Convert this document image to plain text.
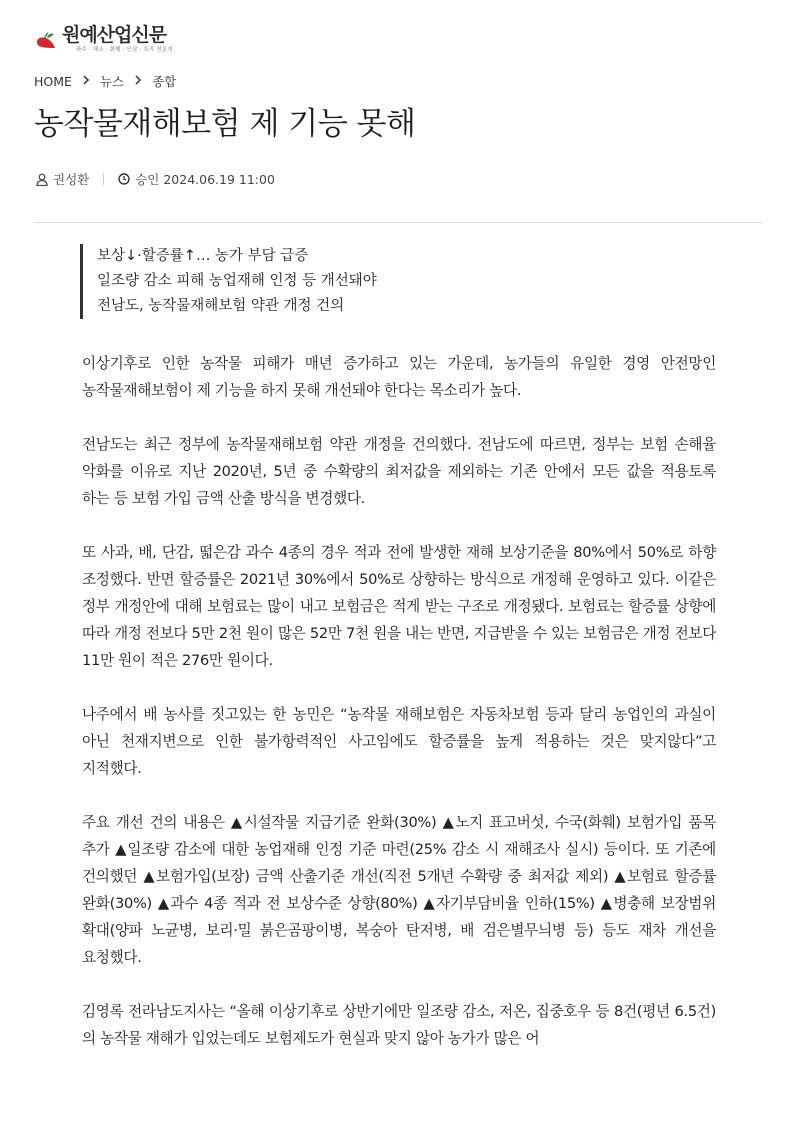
원예산업신문
과수 · 채소 · 화훼 · 인삼 · 특작 전문지
HOME 뉴스 종합
농작물재해보험 제 기능 못해
권성환	승인 2024.06.19 11:00
보상↓·할증률↑… 농가 부담 급증
일조량 감소 피해 농업재해 인정 등 개선돼야
전남도, 농작물재해보험 약관 개정 건의

이상기후로 인한 농작물 피해가 매년 증가하고 있는 가운데, 농가들의 유일한 경영 안전망인 농작물재해보험이 제 기능을 하지 못해 개선돼야 한다는 목소리가 높다.

전남도는 최근 정부에 농작물재해보험 약관 개정을 건의했다. 전남도에 따르면, 정부는 보험 손해율 악화를 이유로 지난 2020년, 5년 중 수확량의 최저값을 제외하는 기존 안에서 모든 값을 적용토록 하는 등 보험 가입 금액 산출 방식을 변경했다.

또 사과, 배, 단감, 떫은감 과수 4종의 경우 적과 전에 발생한 재해 보상기준을 80%에서 50%로 하향 조정했다. 반면 할증률은 2021년 30%에서 50%로 상향하는 방식으로 개정해 운영하고 있다. 이같은 정부 개정안에 대해 보험료는 많이 내고 보험금은 적게 받는 구조로 개정됐다. 보험료는 할증률 상향에 따라 개정 전보다 5만 2천 원이 많은 52만 7천 원을 내는 반면, 지급받을 수 있는 보험금은 개정 전보다 11만 원이 적은 276만 원이다.

나주에서 배 농사를 짓고있는 한 농민은 “농작물 재해보험은 자동차보험 등과 달리 농업인의 과실이 아닌 천재지변으로 인한 불가항력적인 사고임에도 할증률을 높게 적용하는 것은 맞지않다”고 지적했다.

주요 개선 건의 내용은 ▲시설작물 지급기준 완화(30%) ▲노지 표고버섯, 수국(화훼) 보험가입 품목 추가 ▲일조량 감소에 대한 농업재해 인정 기준 마련(25% 감소 시 재해조사 실시) 등이다. 또 기존에 건의했던 ▲보험가입(보장) 금액 산출기준 개선(직전 5개년 수확량 중 최저값 제외) ▲보험료 할증률 완화(30%) ▲과수 4종 적과 전 보상수준 상향(80%) ▲자기부담비율 인하(15%) ▲병충해 보장범위 확대(양파 노균병, 보리·밀 붉은곰팡이병, 복숭아 탄저병, 배 검은별무늬병 등) 등도 재차 개선을 요청했다.

김영록 전라남도지사는 “올해 이상기후로 상반기에만 일조량 감소, 저온, 집중호우 등 8건(평년 6.5건)의 농작물 재해가 입었는데도 보험제도가 현실과 맞지 않아 농가가 많은 어
